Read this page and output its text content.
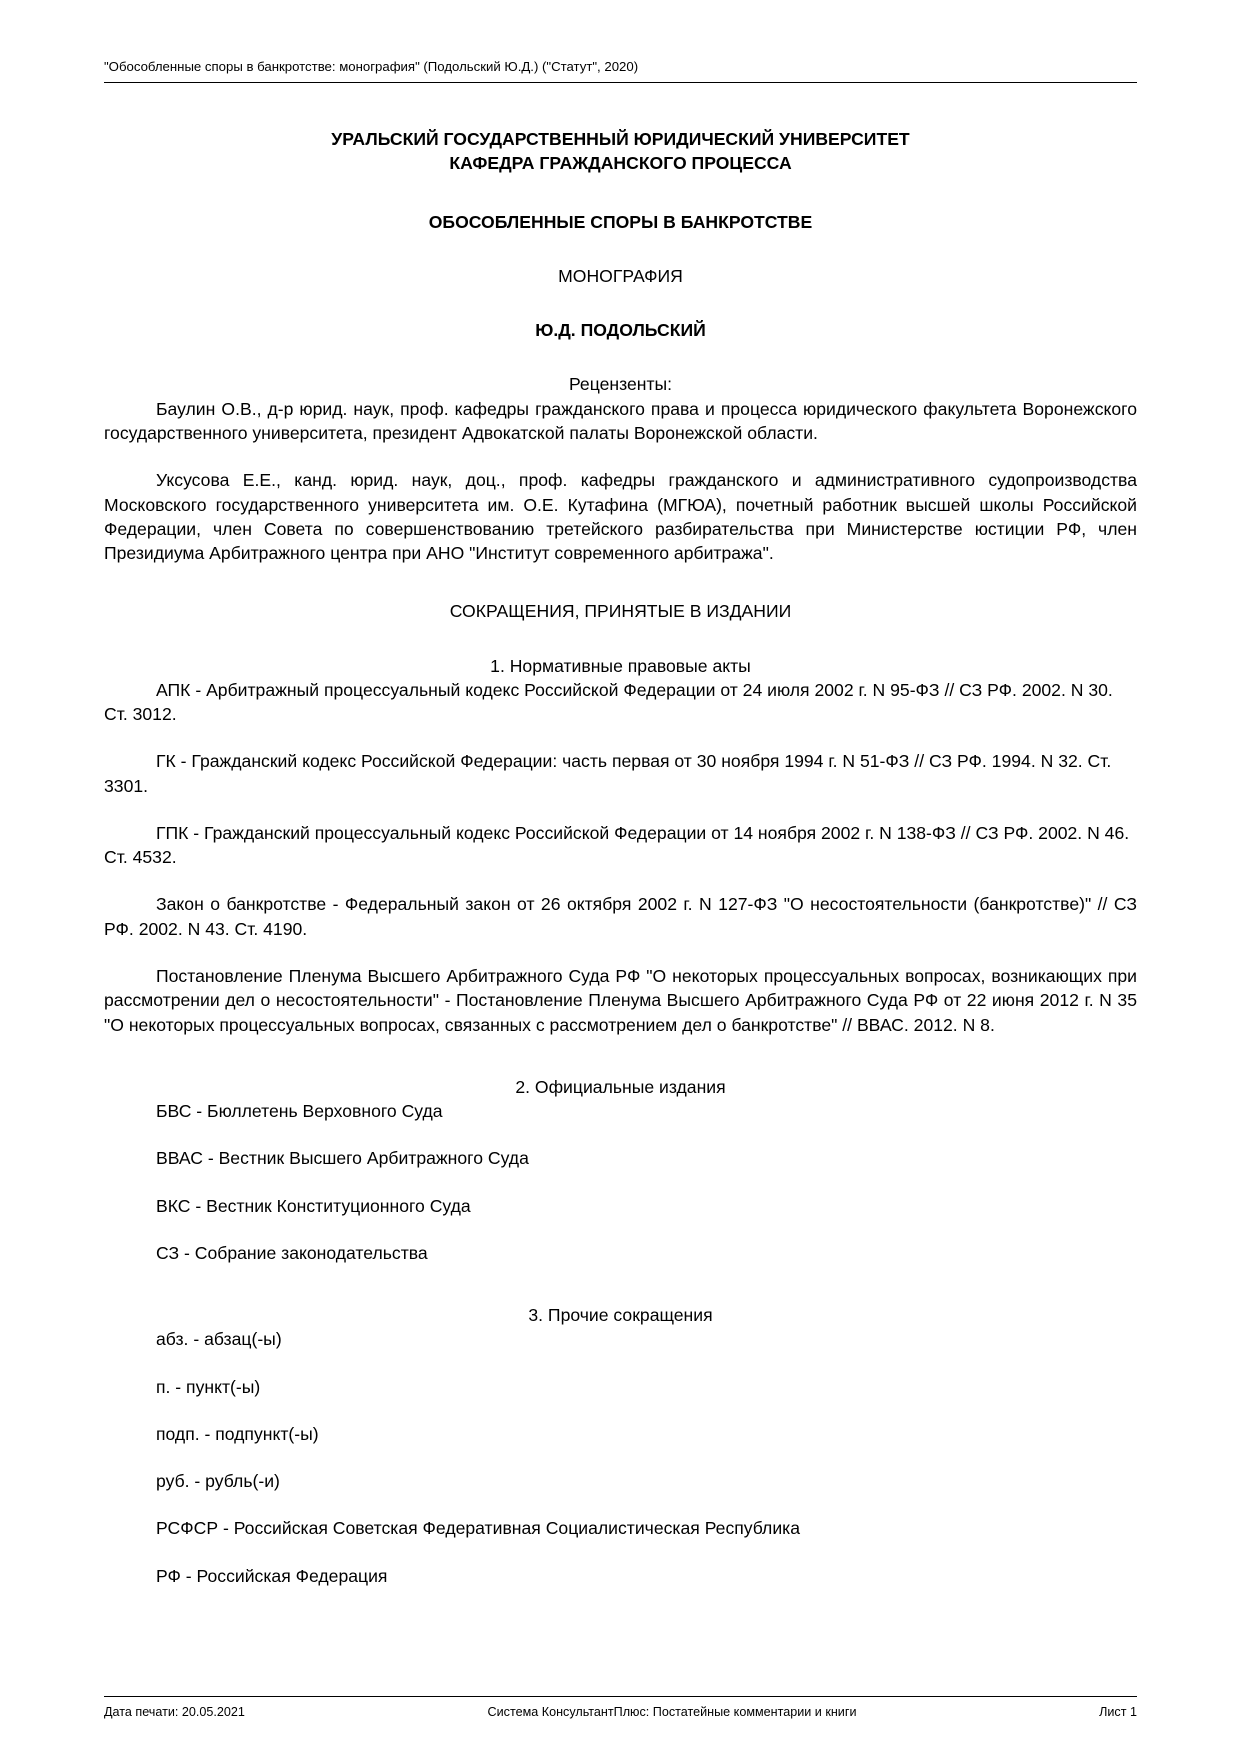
"Обособленные споры в банкротстве: монография" (Подольский Ю.Д.) ("Статут", 2020)
УРАЛЬСКИЙ ГОСУДАРСТВЕННЫЙ ЮРИДИЧЕСКИЙ УНИВЕРСИТЕТ
КАФЕДРА ГРАЖДАНСКОГО ПРОЦЕССА
ОБОСОБЛЕННЫЕ СПОРЫ В БАНКРОТСТВЕ
МОНОГРАФИЯ
Ю.Д. ПОДОЛЬСКИЙ
Рецензенты:

Баулин О.В., д-р юрид. наук, проф. кафедры гражданского права и процесса юридического факультета Воронежского государственного университета, президент Адвокатской палаты Воронежской области.

Уксусова Е.Е., канд. юрид. наук, доц., проф. кафедры гражданского и административного судопроизводства Московского государственного университета им. О.Е. Кутафина (МГЮА), почетный работник высшей школы Российской Федерации, член Совета по совершенствованию третейского разбирательства при Министерстве юстиции РФ, член Президиума Арбитражного центра при АНО "Институт современного арбитража".

СОКРАЩЕНИЯ, ПРИНЯТЫЕ В ИЗДАНИИ
1. Нормативные правовые акты

АПК - Арбитражный процессуальный кодекс Российской Федерации от 24 июля 2002 г. N 95-ФЗ // СЗ РФ. 2002. N 30. Ст. 3012.

ГК - Гражданский кодекс Российской Федерации: часть первая от 30 ноября 1994 г. N 51-ФЗ // СЗ РФ. 1994. N 32. Ст. 3301.

ГПК - Гражданский процессуальный кодекс Российской Федерации от 14 ноября 2002 г. N 138-ФЗ // СЗ РФ. 2002. N 46. Ст. 4532.

Закон о банкротстве - Федеральный закон от 26 октября 2002 г. N 127-ФЗ "О несостоятельности (банкротстве)" // СЗ РФ. 2002. N 43. Ст. 4190.

Постановление Пленума Высшего Арбитражного Суда РФ "О некоторых процессуальных вопросах, возникающих при рассмотрении дел о несостоятельности" - Постановление Пленума Высшего Арбитражного Суда РФ от 22 июня 2012 г. N 35 "О некоторых процессуальных вопросах, связанных с рассмотрением дел о банкротстве" // ВВАС. 2012. N 8.

2. Официальные издания

БВС - Бюллетень Верховного Суда

ВВАС - Вестник Высшего Арбитражного Суда

ВКС - Вестник Конституционного Суда

СЗ - Собрание законодательства

3. Прочие сокращения

абз. - абзац(-ы)

п. - пункт(-ы)

подп. - подпункт(-ы)

руб. - рубль(-и)

РСФСР - Российская Советская Федеративная Социалистическая Республика

РФ - Российская Федерация

Дата печати: 20.05.2021	Система КонсультантПлюс: Постатейные комментарии и книги	Лист 1
